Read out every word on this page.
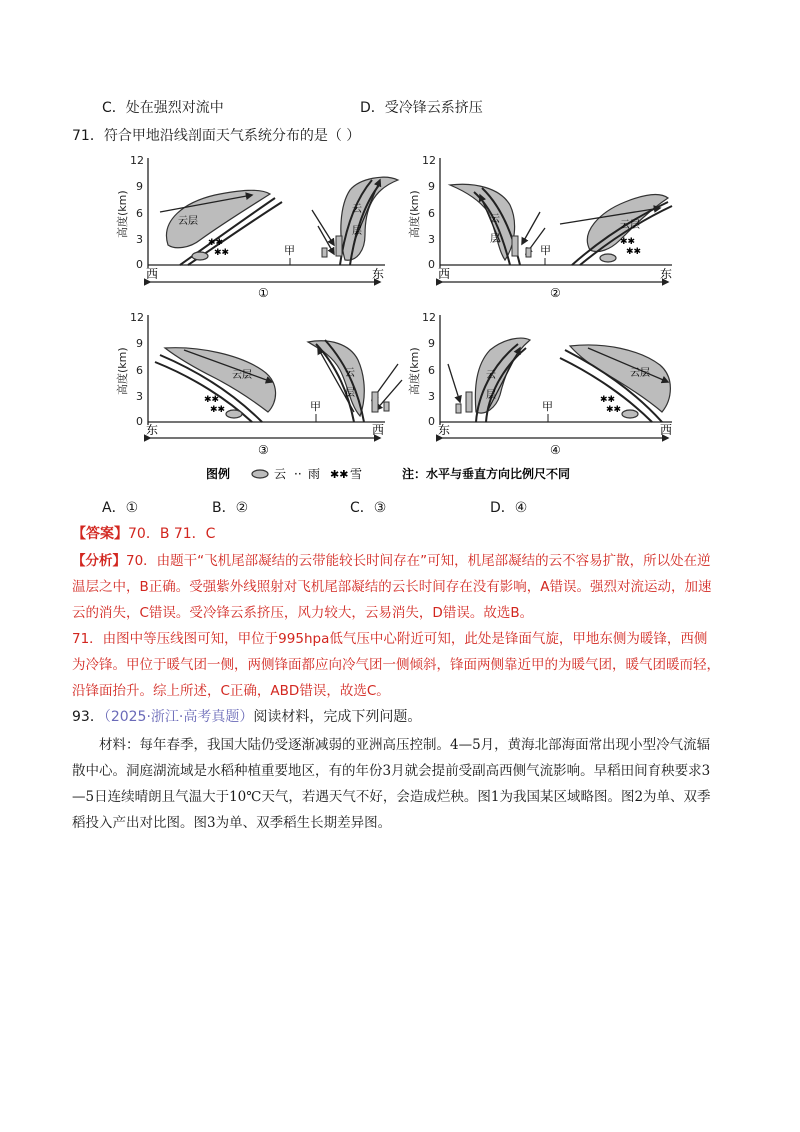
C．处在强烈对流中	D．受冷锋云系挤压
71．符合甲地沿线剖面天气系统分布的是（ ）
12
9
6
3
0
高度(km)	云层
✱✱
✱✱	甲
云
层
西	东
①
12
9
6
3
0
高度(km)	云
层
甲
云层
✱✱
✱✱
西	东
②
12
9
6
3
0
高度(km)	云层
✱✱
✱✱	甲
云
层
东	西
③
12
9
6
3
0
高度(km)	云
层
甲
云层
✱✱
✱✱
东	西
④
图例	云 ·· 雨 ✱✱ 雪	注：水平与垂直方向比例尺不同
A．①	B．②	C．③	D．④
【答案】70．B 71．C
【分析】70．由题干“飞机尾部凝结的云带能较长时间存在”可知，机尾部凝结的云不容易扩散，所以处在逆温层之中，B正确。受强紫外线照射对飞机尾部凝结的云长时间存在没有影响，A错误。强烈对流运动，加速云的消失，C错误。受冷锋云系挤压，风力较大，云易消失，D错误。故选B。
71．由图中等压线图可知，甲位于995hpa低气压中心附近可知，此处是锋面气旋，甲地东侧为暖锋，西侧为冷锋。甲位于暖气团一侧，两侧锋面都应向冷气团一侧倾斜，锋面两侧靠近甲的为暖气团，暖气团暖而轻，沿锋面抬升。综上所述，C正确，ABD错误，故选C。
93．（2025·浙江·高考真题）阅读材料，完成下列问题。
材料：每年春季，我国大陆仍受逐渐减弱的亚洲高压控制。4—5月，黄海北部海面常出现小型冷气流辐散中心。洞庭湖流域是水稻种植重要地区，有的年份3月就会提前受副高西侧气流影响。早稻田间育秧要求3—5日连续晴朗且气温大于10℃天气，若遇天气不好，会造成烂秧。图1为我国某区域略图。图2为单、双季稻投入产出对比图。图3为单、双季稻生长期差异图。
